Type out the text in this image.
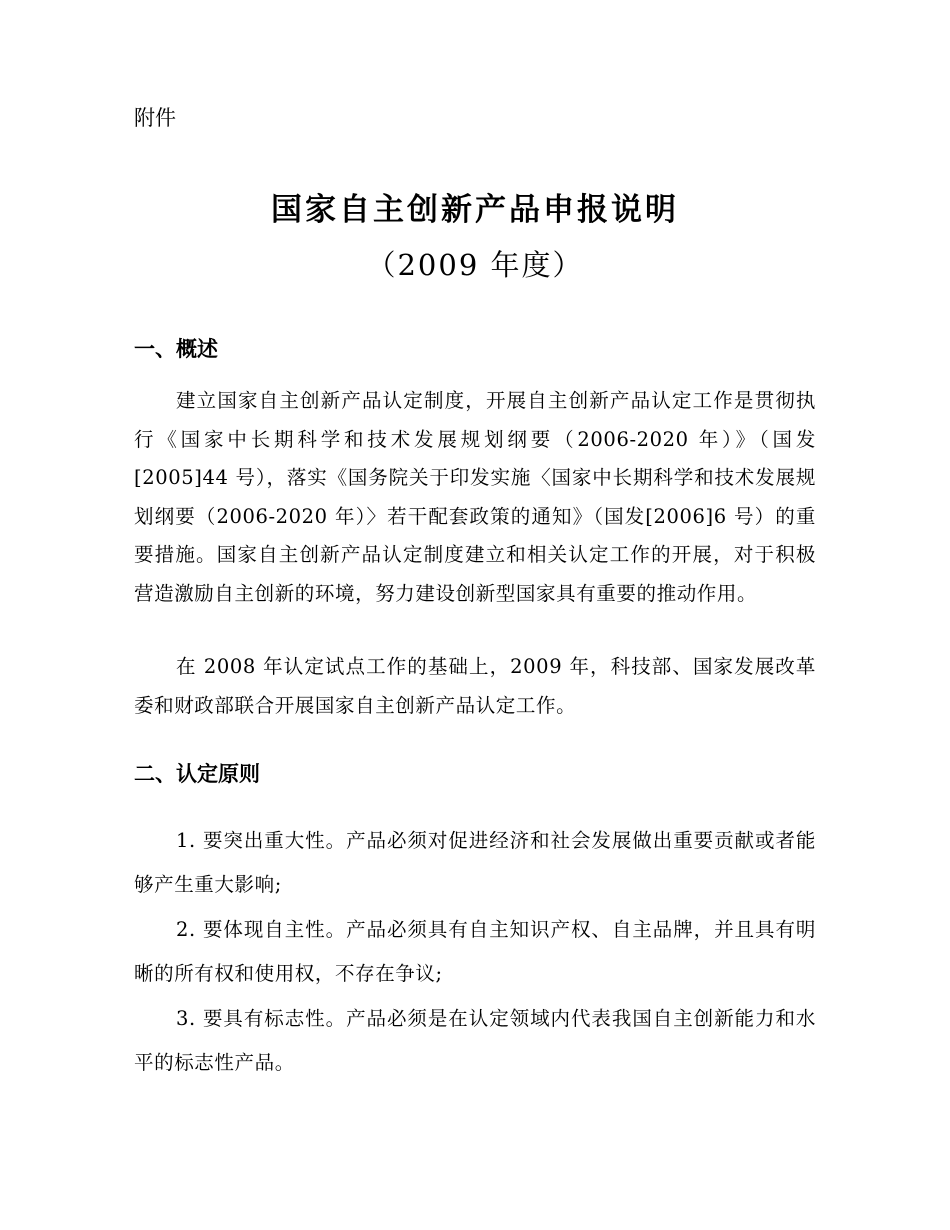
附件
国家自主创新产品申报说明
（2009 年度）
一、概述

建立国家自主创新产品认定制度，开展自主创新产品认定工作是贯彻执行《国家中长期科学和技术发展规划纲要（2006-2020 年）》（国发[2005]44 号），落实《国务院关于印发实施〈国家中长期科学和技术发展规划纲要（2006-2020 年）〉若干配套政策的通知》（国发[2006]6 号）的重要措施。国家自主创新产品认定制度建立和相关认定工作的开展，对于积极营造激励自主创新的环境，努力建设创新型国家具有重要的推动作用。

在 2008 年认定试点工作的基础上，2009 年，科技部、国家发展改革委和财政部联合开展国家自主创新产品认定工作。

二、认定原则
1. 要突出重大性。产品必须对促进经济和社会发展做出重要贡献或者能够产生重大影响;
2. 要体现自主性。产品必须具有自主知识产权、自主品牌，并且具有明晰的所有权和使用权，不存在争议;
3. 要具有标志性。产品必须是在认定领域内代表我国自主创新能力和水平的标志性产品。
